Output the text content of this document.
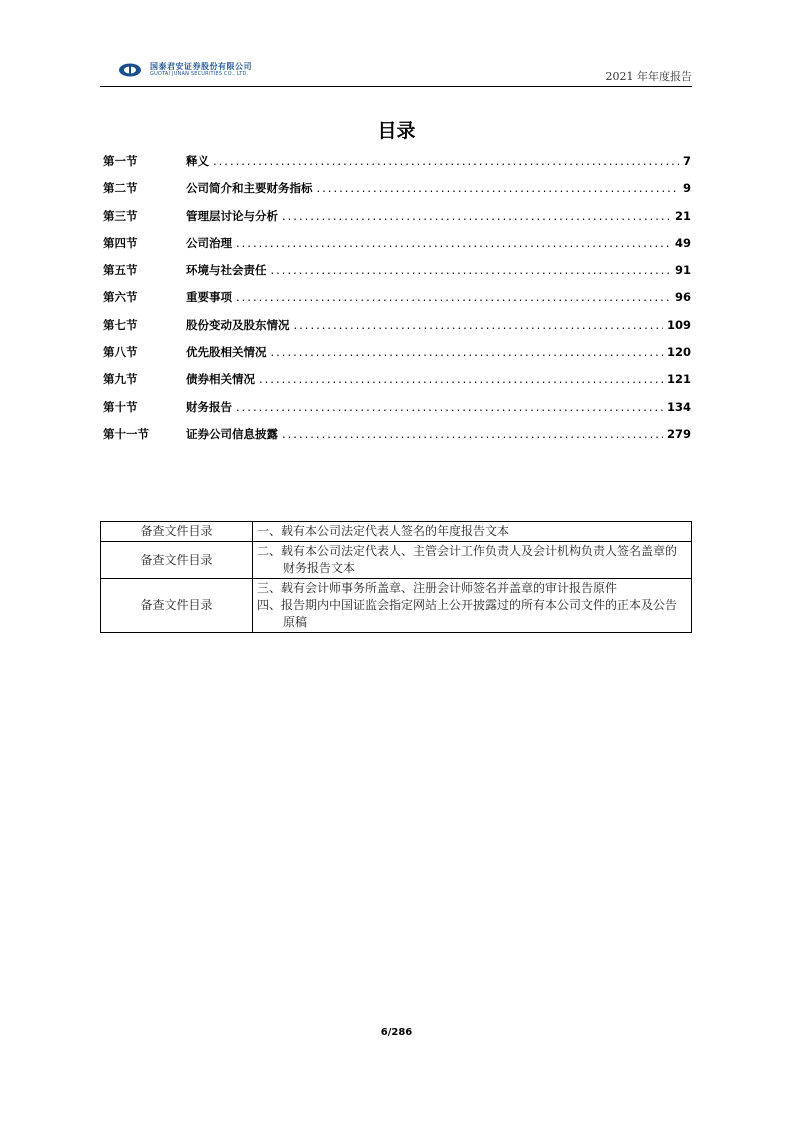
国泰君安证券股份有限公司
GUOTAI JUNAN SECURITIES CO., LTD.	2021 年年度报告
目录
第一节	释义 .....	7
第二节	公司简介和主要财务指标 .....	9
第三节	管理层讨论与分析 .....	21
第四节	公司治理 .....	49
第五节	环境与社会责任 .....	91
第六节	重要事项 .....	96
第七节	股份变动及股东情况 .....	109
第八节	优先股相关情况 .....	120
第九节	债券相关情况 .....	121
第十节	财务报告 .....	134
第十一节	证券公司信息披露 .....	279
备查文件目录	一、载有本公司法定代表人签名的年度报告文本

备查文件目录	二、载有本公司法定代表人、主管会计工作负责人及会计机构负责人签名盖章的财务报告文本

备查文件目录	三、载有会计师事务所盖章、注册会计师签名并盖章的审计报告原件
四、报告期内中国证监会指定网站上公开披露过的所有本公司文件的正本及公告原稿
6/286
